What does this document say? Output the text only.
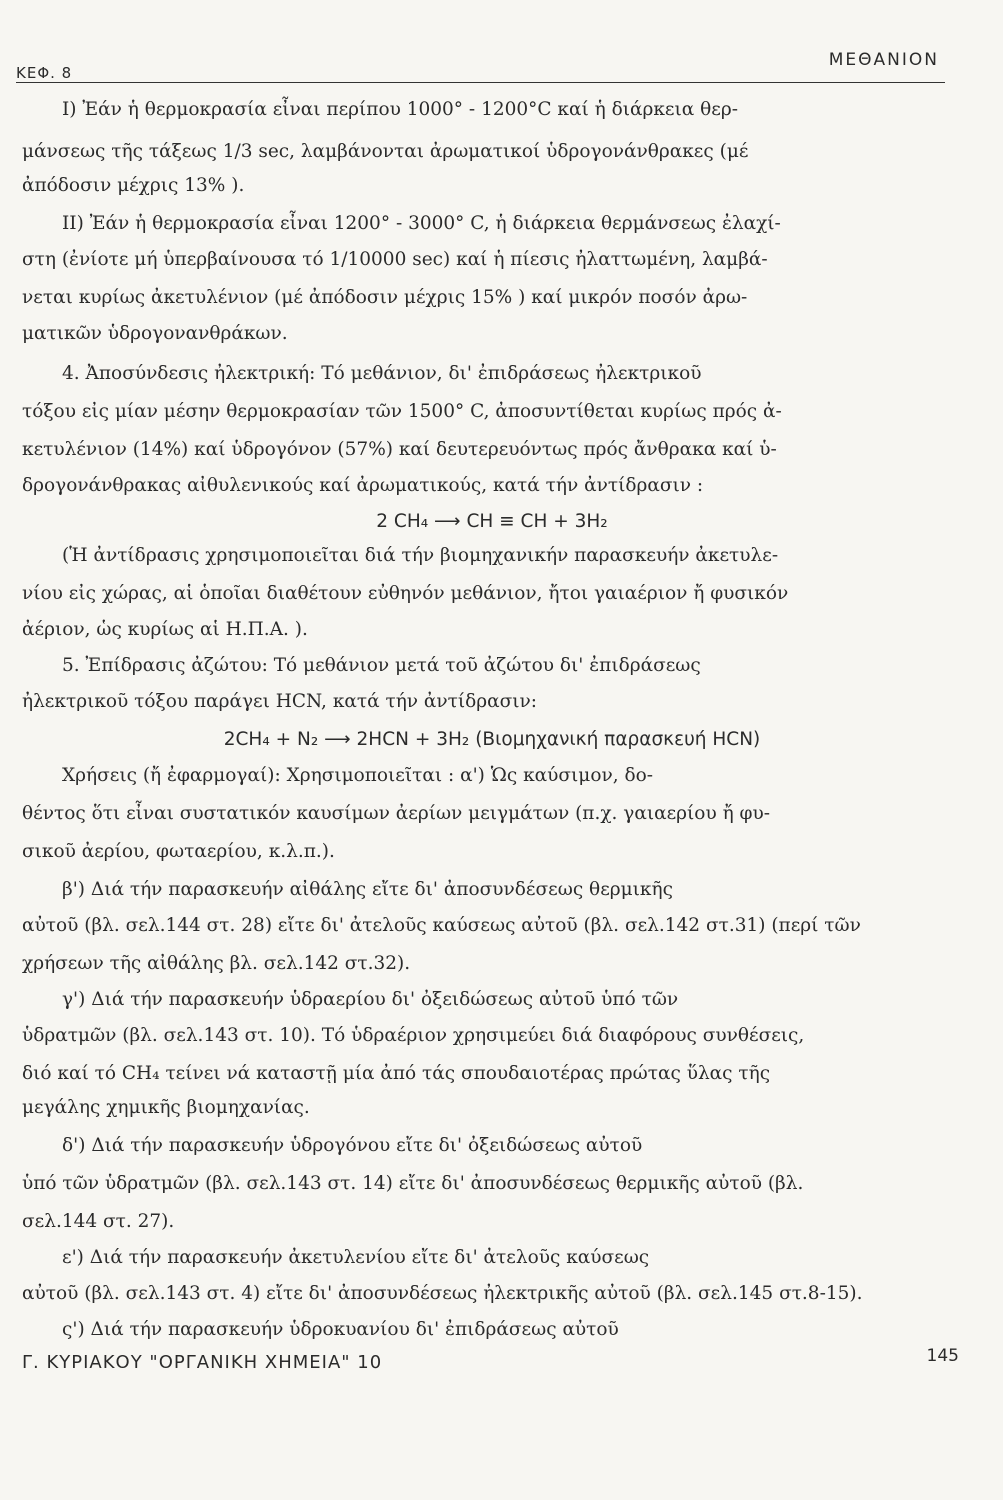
ΚΕΦ. 8
ΜΕΘΑΝΙΟΝ
Ι) Ἐάν ἡ θερμοκρασία εἶναι περίπου 1000° - 1200°C καί ἡ διάρκεια θερ-
μάνσεως τῆς τάξεως 1/3 sec, λαμβάνονται ἀρωματικοί ὑδρογονάνθρακες (μέ
ἀπόδοσιν μέχρις 13% ).
ΙΙ) Ἐάν ἡ θερμοκρασία εἶναι 1200° - 3000° C, ἡ διάρκεια θερμάνσεως ἐλαχί-
στη (ἐνίοτε μή ὑπερβαίνουσα τό 1/10000 sec) καί ἡ πίεσις ἠλαττωμένη, λαμβά-
νεται κυρίως ἀκετυλένιον (μέ ἀπόδοσιν μέχρις 15% ) καί μικρόν ποσόν ἀρω-
ματικῶν ὑδρογονανθράκων.
4. Ἀποσύνδεσις ἠλεκτρική: Τό μεθάνιον, δι' ἐπιδράσεως ἠλεκτρικοῦ
τόξου εἰς μίαν μέσην θερμοκρασίαν τῶν 1500° C, ἀποσυντίθεται κυρίως πρός ἀ-
κετυλένιον (14%) καί ὑδρογόνον (57%) καί δευτερευόντως πρός ἄνθρακα καί ὑ-
δρογονάνθρακας αἰθυλενικούς καί ἀρωματικούς, κατά τήν ἀντίδρασιν :
2 CH₄ ⟶ CH ≡ CH + 3H₂
(Ἡ ἀντίδρασις χρησιμοποιεῖται διά τήν βιομηχανικήν παρασκευήν ἀκετυλε-
νίου εἰς χώρας, αἱ ὁποῖαι διαθέτουν εὐθηνόν μεθάνιον, ἤτοι γαιαέριον ἤ φυσικόν
ἀέριον, ὡς κυρίως αἱ Η.Π.Α. ).
5. Ἐπίδρασις ἀζώτου: Τό μεθάνιον μετά τοῦ ἀζώτου δι' ἐπιδράσεως
ἠλεκτρικοῦ τόξου παράγει HCN, κατά τήν ἀντίδρασιν:
2CH₄ + N₂ ⟶ 2HCN + 3H₂ (Βιομηχανική παρασκευή HCN)
Χρήσεις (ἤ ἐφαρμογαί): Χρησιμοποιεῖται : α') Ὡς καύσιμον, δο-
θέντος ὅτι εἶναι συστατικόν καυσίμων ἀερίων μειγμάτων (π.χ. γαιαερίου ἤ φυ-
σικοῦ ἀερίου, φωταερίου, κ.λ.π.).
β') Διά τήν παρασκευήν αἰθάλης εἴτε δι' ἀποσυνδέσεως θερμικῆς
αὐτοῦ (βλ. σελ.144 στ. 28) εἴτε δι' ἀτελοῦς καύσεως αὐτοῦ (βλ. σελ.142 στ.31) (περί τῶν
χρήσεων τῆς αἰθάλης βλ. σελ.142 στ.32).
γ') Διά τήν παρασκευήν ὑδραερίου δι' ὀξειδώσεως αὐτοῦ ὑπό τῶν
ὑδρατμῶν (βλ. σελ.143 στ. 10). Τό ὑδραέριον χρησιμεύει διά διαφόρους συνθέσεις,
διό καί τό CH₄ τείνει νά καταστῇ μία ἀπό τάς σπουδαιοτέρας πρώτας ὕλας τῆς
μεγάλης χημικῆς βιομηχανίας.
δ') Διά τήν παρασκευήν ὑδρογόνου εἴτε δι' ὀξειδώσεως αὐτοῦ
ὑπό τῶν ὑδρατμῶν (βλ. σελ.143 στ. 14) εἴτε δι' ἀποσυνδέσεως θερμικῆς αὐτοῦ (βλ.
σελ.144 στ. 27).
ε') Διά τήν παρασκευήν ἀκετυλενίου εἴτε δι' ἀτελοῦς καύσεως
αὐτοῦ (βλ. σελ.143 στ. 4) εἴτε δι' ἀποσυνδέσεως ἠλεκτρικῆς αὐτοῦ (βλ. σελ.145 στ.8-15).
ς') Διά τήν παρασκευήν ὑδροκυανίου δι' ἐπιδράσεως αὐτοῦ
Γ. ΚΥΡΙΑΚΟΥ "ΟΡΓΑΝΙΚΗ ΧΗΜΕΙΑ" 10	145
